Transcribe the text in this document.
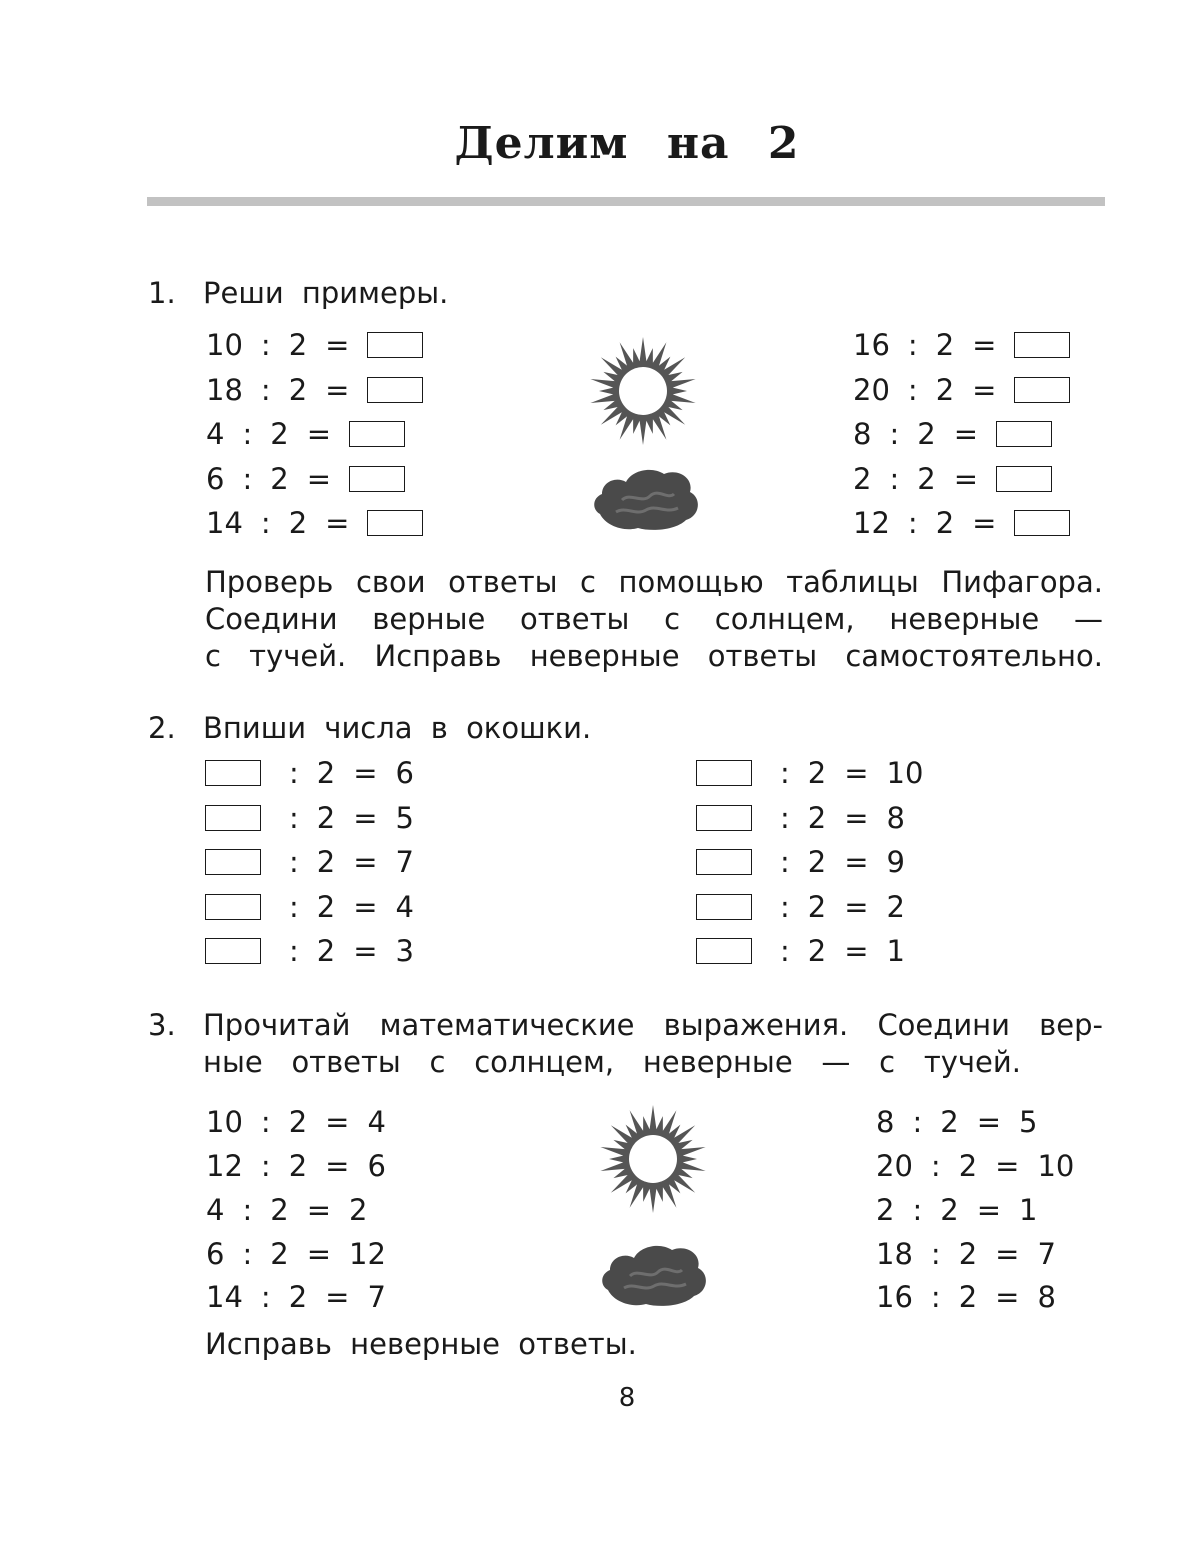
Делим на 2
1. Реши примеры.
10 : 2 =
18 : 2 =
4 : 2 =
6 : 2 =
14 : 2 =
16 : 2 =
20 : 2 =
8 : 2 =
2 : 2 =
12 : 2 =
Проверь свои ответы с помощью таблицы Пифагора.
Соедини верные ответы с солнцем, неверные —
с тучей. Исправь неверные ответы самостоятельно.
2. Впиши числа в окошки.
: 2 = 6
: 2 = 5
: 2 = 7
: 2 = 4
: 2 = 3
: 2 = 10
: 2 = 8
: 2 = 9
: 2 = 2
: 2 = 1
3. Прочитай математические выражения. Соедини вер-
ные ответы с солнцем, неверные — с тучей.
10 : 2 = 4
12 : 2 = 6
4 : 2 = 2
6 : 2 = 12
14 : 2 = 7
8 : 2 = 5
20 : 2 = 10
2 : 2 = 1
18 : 2 = 7
16 : 2 = 8
Исправь неверные ответы.
8
